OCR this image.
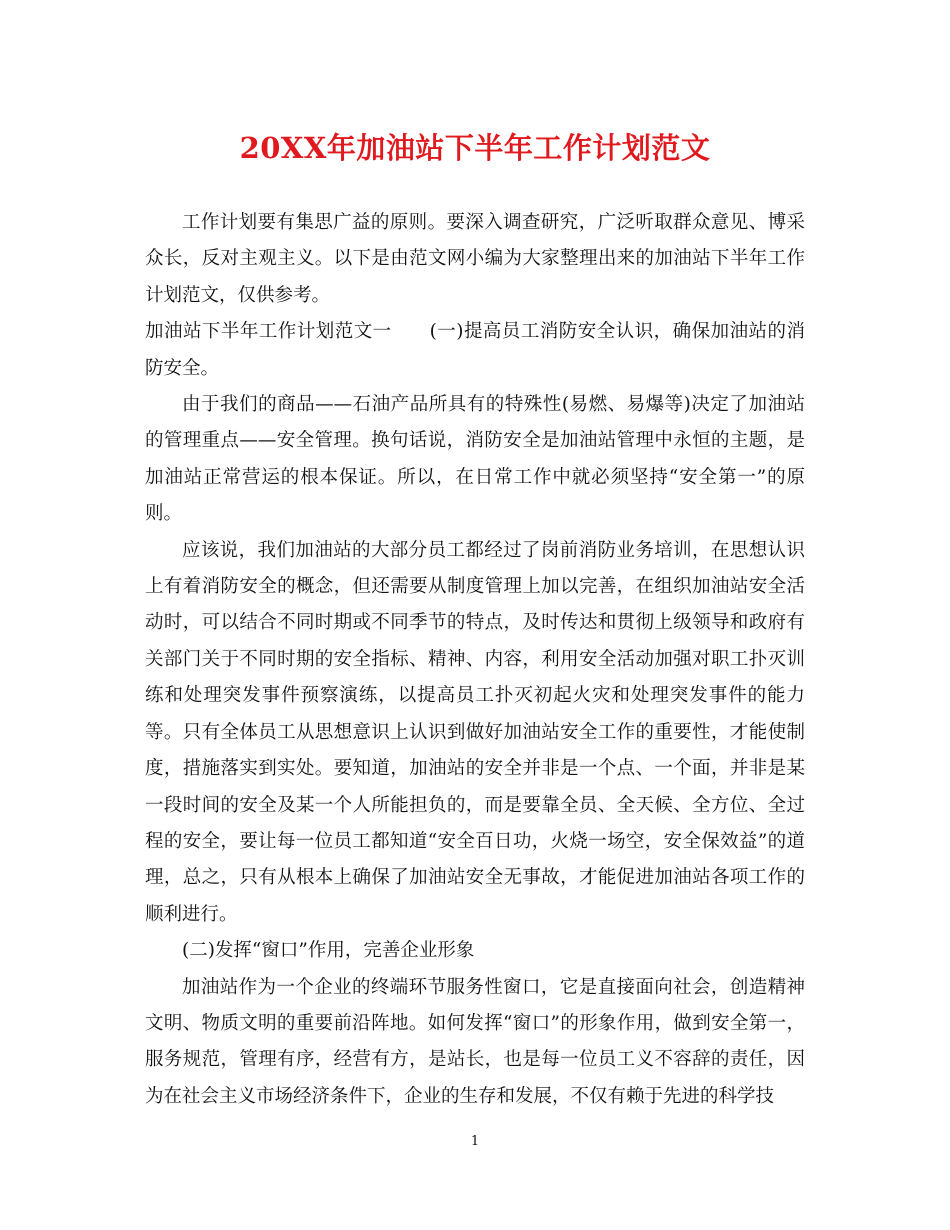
20XX年加油站下半年工作计划范文

工作计划要有集思广益的原则。要深入调查研究，广泛听取群众意见、博采众长，反对主观主义。以下是由范文网小编为大家整理出来的加油站下半年工作计划范文，仅供参考。

加油站下半年工作计划范文一　　(一)提高员工消防安全认识，确保加油站的消防安全。

由于我们的商品——石油产品所具有的特殊性(易燃、易爆等)决定了加油站的管理重点——安全管理。换句话说，消防安全是加油站管理中永恒的主题，是加油站正常营运的根本保证。所以，在日常工作中就必须坚持“安全第一”的原则。

应该说，我们加油站的大部分员工都经过了岗前消防业务培训，在思想认识上有着消防安全的概念，但还需要从制度管理上加以完善，在组织加油站安全活动时，可以结合不同时期或不同季节的特点，及时传达和贯彻上级领导和政府有关部门关于不同时期的安全指标、精神、内容，利用安全活动加强对职工扑灭训练和处理突发事件预察演练，以提高员工扑灭初起火灾和处理突发事件的能力等。只有全体员工从思想意识上认识到做好加油站安全工作的重要性，才能使制度，措施落实到实处。要知道，加油站的安全并非是一个点、一个面，并非是某一段时间的安全及某一个人所能担负的，而是要靠全员、全天候、全方位、全过程的安全，要让每一位员工都知道“安全百日功，火烧一场空，安全保效益”的道理，总之，只有从根本上确保了加油站安全无事故，才能促进加油站各项工作的顺利进行。

(二)发挥“窗口”作用，完善企业形象

加油站作为一个企业的终端环节服务性窗口，它是直接面向社会，创造精神文明、物质文明的重要前沿阵地。如何发挥“窗口”的形象作用，做到安全第一，服务规范，管理有序，经营有方，是站长，也是每一位员工义不容辞的责任，因为在社会主义市场经济条件下，企业的生存和发展，不仅有赖于先进的科学技

1
